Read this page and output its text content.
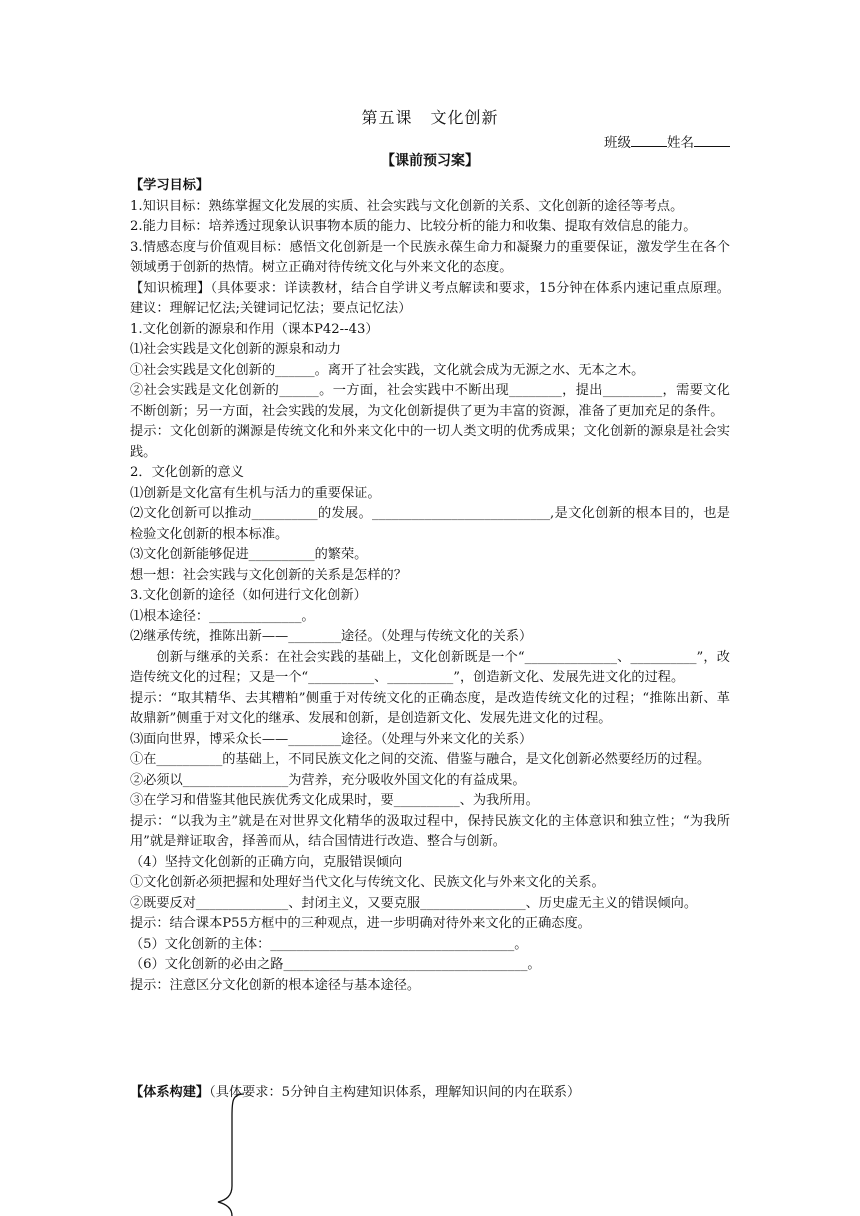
第五课 文化创新
班级	姓名
【课前预习案】

【学习目标】

1.知识目标：熟练掌握文化发展的实质、社会实践与文化创新的关系、文化创新的途径等考点。

2.能力目标：培养透过现象认识事物本质的能力、比较分析的能力和收集、提取有效信息的能力。

3.情感态度与价值观目标：感悟文化创新是一个民族永葆生命力和凝聚力的重要保证，激发学生在各个领域勇于创新的热情。树立正确对待传统文化与外来文化的态度。

【知识梳理】（具体要求：详读教材，结合自学讲义考点解读和要求，15分钟在体系内速记重点原理。建议：理解记忆法;关键词记忆法；要点记忆法）

1.文化创新的源泉和作用（课本P42--43）

⑴社会实践是文化创新的源泉和动力

①社会实践是文化创新的______。离开了社会实践，文化就会成为无源之水、无本之木。

②社会实践是文化创新的______。一方面，社会实践中不断出现________，提出_________，需要文化不断创新；另一方面，社会实践的发展，为文化创新提供了更为丰富的资源，准备了更加充足的条件。

提示：文化创新的渊源是传统文化和外来文化中的一切人类文明的优秀成果；文化创新的源泉是社会实践。

2．文化创新的意义

⑴创新是文化富有生机与活力的重要保证。

⑵文化创新可以推动__________的发展。___________________________,是文化创新的根本目的，也是检验文化创新的根本标准。

⑶文化创新能够促进__________的繁荣。

想一想：社会实践与文化创新的关系是怎样的？

3.文化创新的途径（如何进行文化创新）

⑴根本途径：______________。

⑵继承传统，推陈出新——________途径。（处理与传统文化的关系）

创新与继承的关系：在社会实践的基础上，文化创新既是一个“______________、__________”，改造传统文化的过程；又是一个“__________、__________”，创造新文化、发展先进文化的过程。

提示：“取其精华、去其糟粕”侧重于对传统文化的正确态度，是改造传统文化的过程；“推陈出新、革故鼎新”侧重于对文化的继承、发展和创新，是创造新文化、发展先进文化的过程。

⑶面向世界，博采众长——________途径。（处理与外来文化的关系）

①在__________的基础上，不同民族文化之间的交流、借鉴与融合，是文化创新必然要经历的过程。

②必须以________________为营养，充分吸收外国文化的有益成果。

③在学习和借鉴其他民族优秀文化成果时，要__________、为我所用。

提示：“以我为主”就是在对世界文化精华的汲取过程中，保持民族文化的主体意识和独立性；“为我所用”就是辩证取舍，择善而从，结合国情进行改造、整合与创新。

（4）坚持文化创新的正确方向，克服错误倾向

①文化创新必须把握和处理好当代文化与传统文化、民族文化与外来文化的关系。

②既要反对______________、封闭主义，又要克服________________、历史虚无主义的错误倾向。

提示：结合课本P55方框中的三种观点，进一步明确对待外来文化的正确态度。

（5）文化创新的主体：_____________________________________。

（6）文化创新的必由之路_____________________________________。

提示：注意区分文化创新的根本途径与基本途径。

【体系构建】（具体要求：5分钟自主构建知识体系，理解知识间的内在联系）
